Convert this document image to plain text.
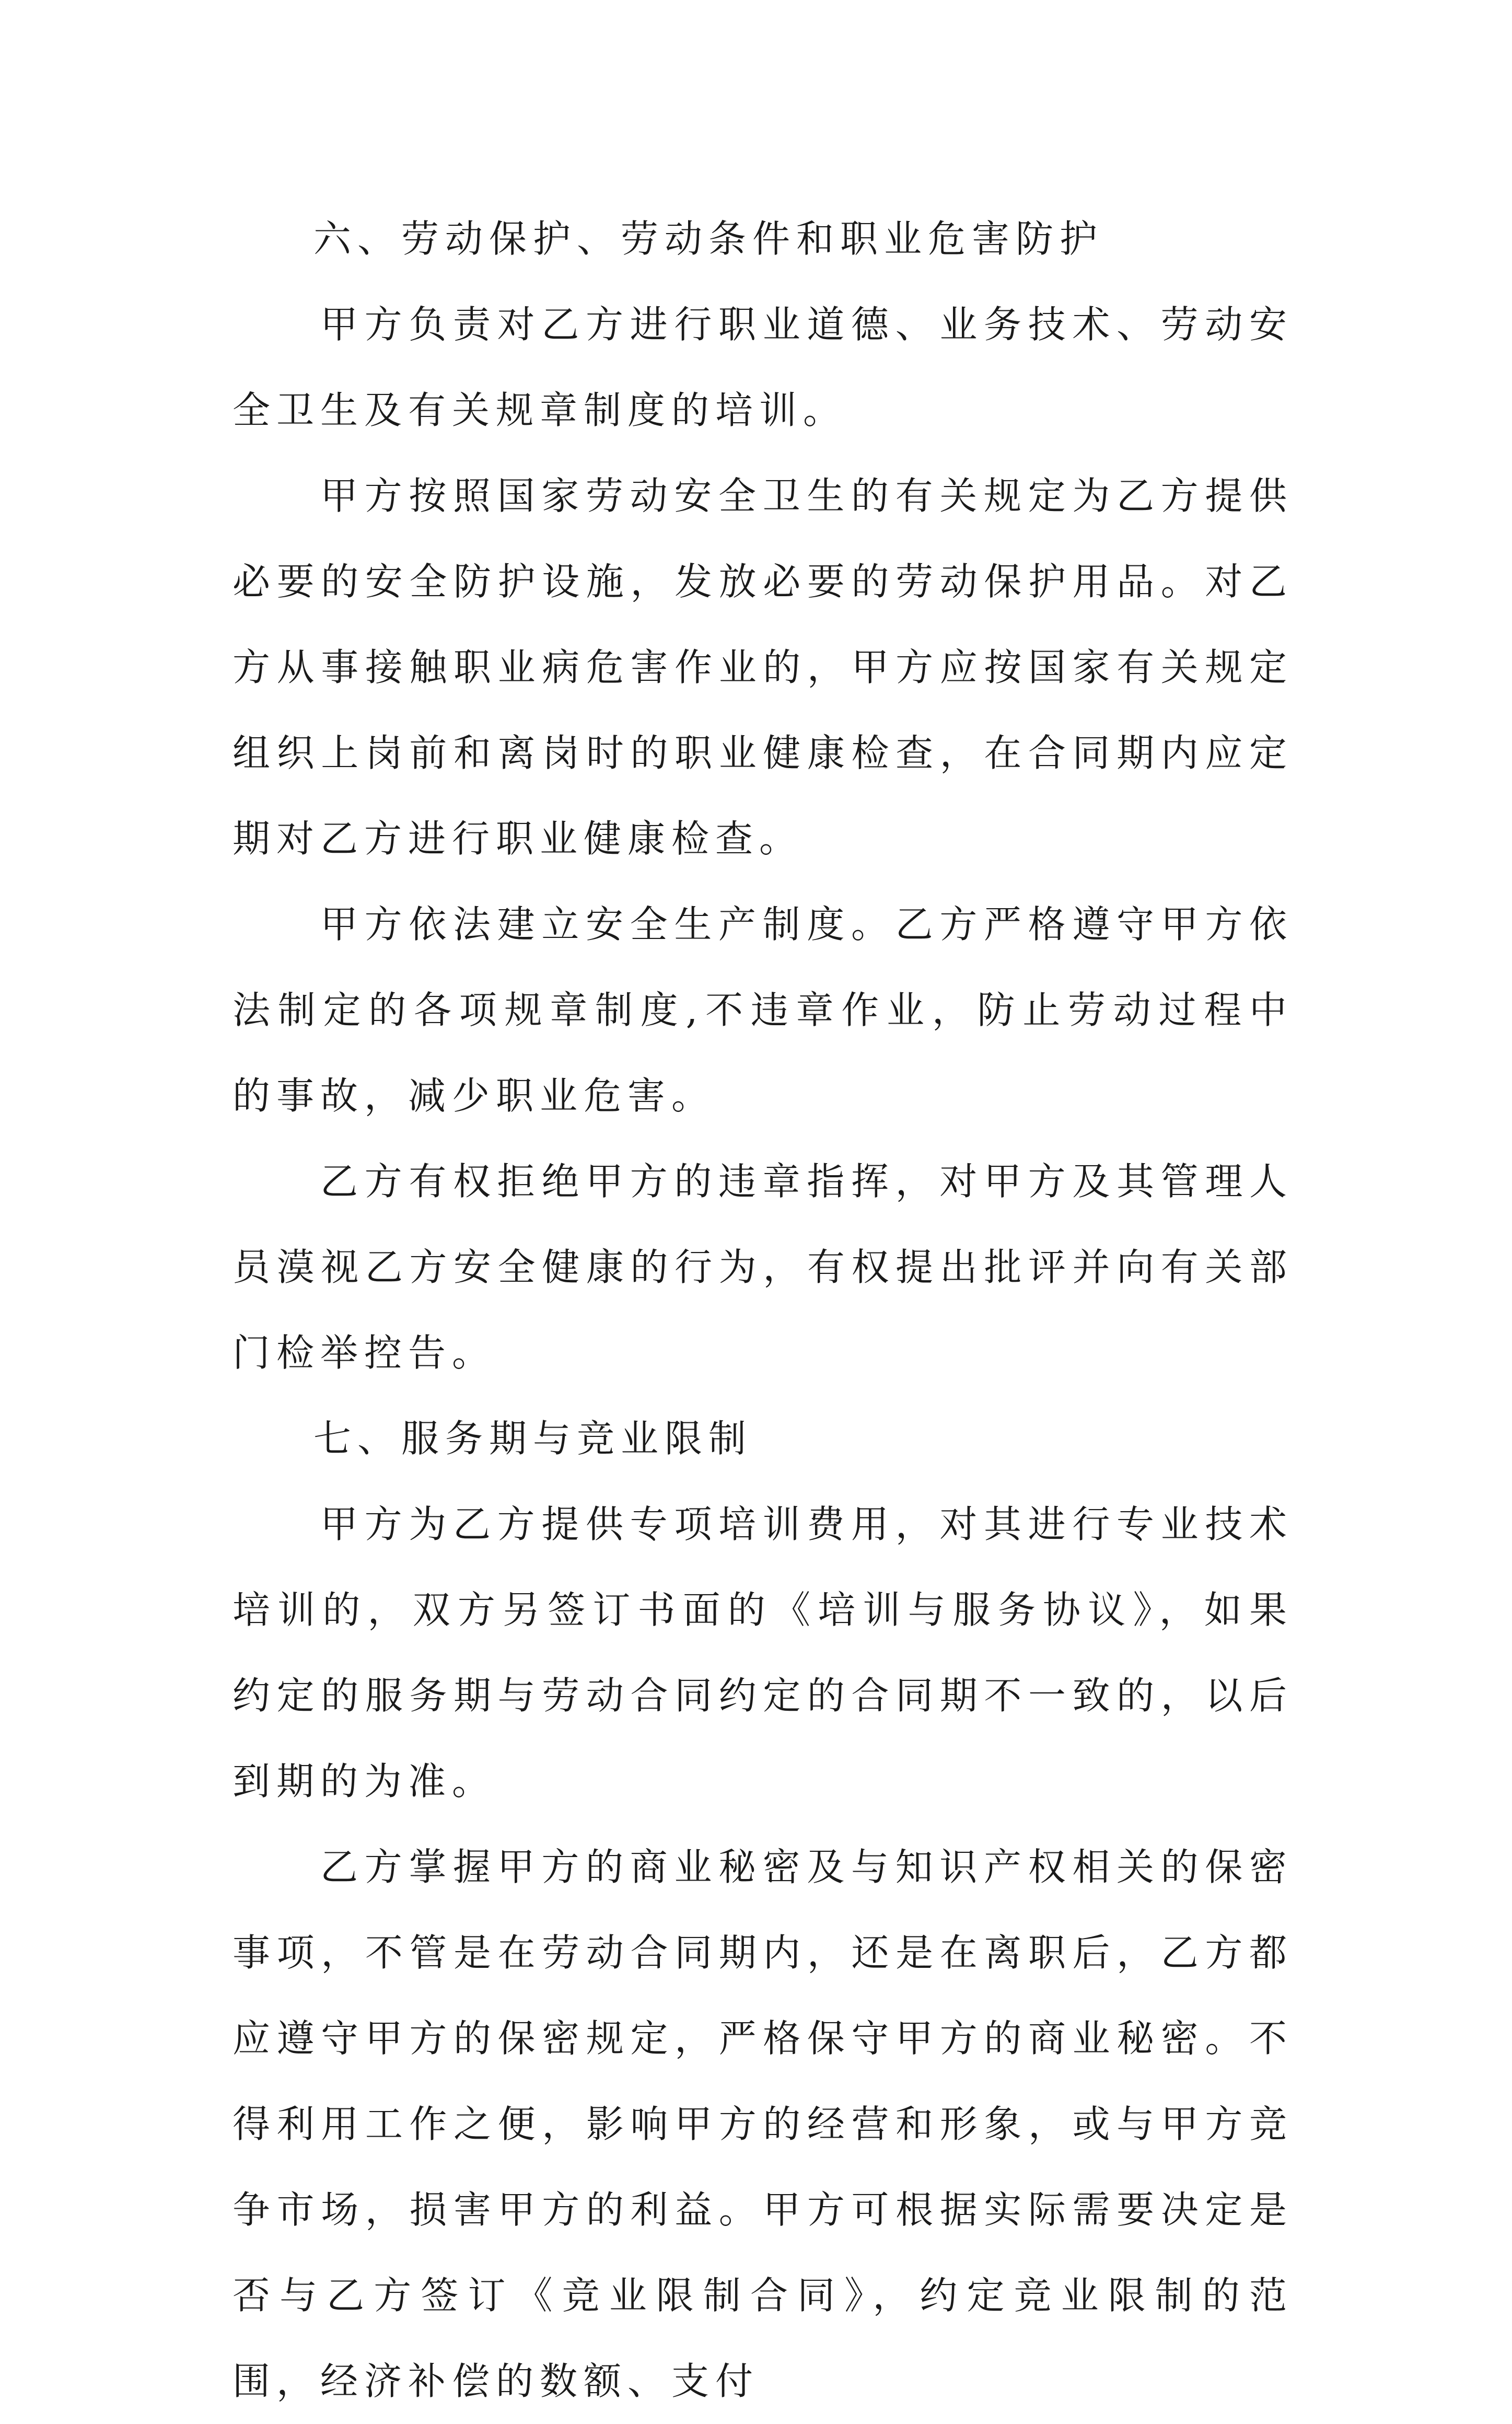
六、劳动保护、劳动条件和职业危害防护

甲方负责对乙方进行职业道德、业务技术、劳动安全卫生及有关规章制度的培训。

甲方按照国家劳动安全卫生的有关规定为乙方提供必要的安全防护设施，发放必要的劳动保护用品。对乙方从事接触职业病危害作业的，甲方应按国家有关规定组织上岗前和离岗时的职业健康检查，在合同期内应定期对乙方进行职业健康检查。

甲方依法建立安全生产制度。乙方严格遵守甲方依法制定的各项规章制度,不违章作业，防止劳动过程中的事故，减少职业危害。

乙方有权拒绝甲方的违章指挥，对甲方及其管理人员漠视乙方安全健康的行为，有权提出批评并向有关部门检举控告。

七、服务期与竞业限制

甲方为乙方提供专项培训费用，对其进行专业技术培训的，双方另签订书面的《培训与服务协议》，如果约定的服务期与劳动合同约定的合同期不一致的，以后到期的为准。

乙方掌握甲方的商业秘密及与知识产权相关的保密事项，不管是在劳动合同期内，还是在离职后，乙方都应遵守甲方的保密规定，严格保守甲方的商业秘密。不得利用工作之便，影响甲方的经营和形象，或与甲方竞争市场，损害甲方的利益。甲方可根据实际需要决定是否与乙方签订《竞业限制合同》，约定竞业限制的范围，经济补偿的数额、支付
